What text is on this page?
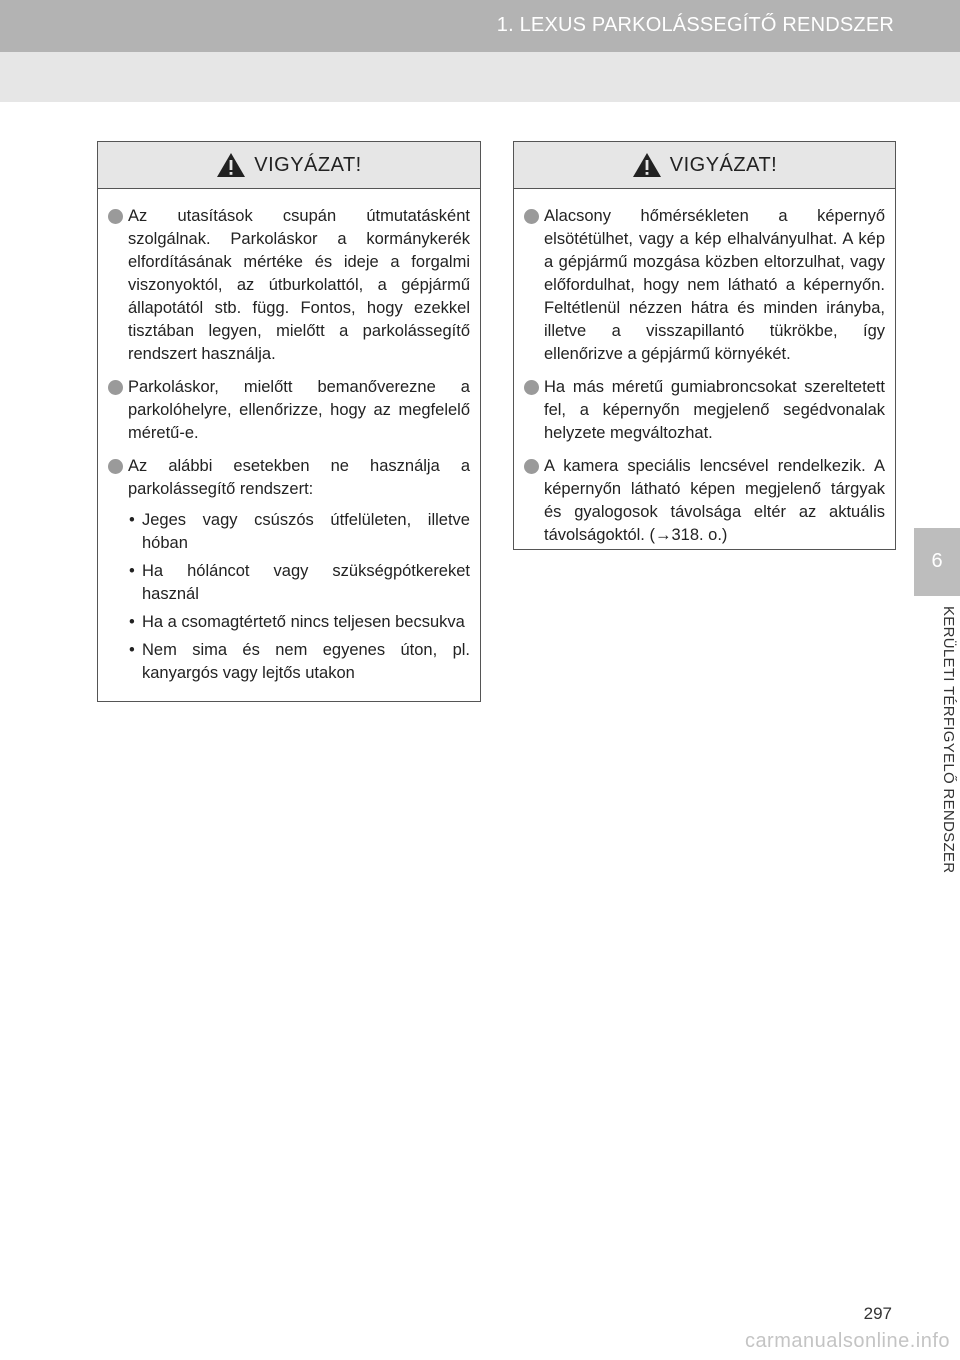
1. LEXUS PARKOLÁSSEGÍTŐ RENDSZER
6
KERÜLETI TÉRFIGYELŐ RENDSZER
VIGYÁZAT!
Az utasítások csupán útmutatásként szolgálnak. Parkoláskor a kormánykerék elfordításának mértéke és ideje a forgalmi viszonyoktól, az útburkolattól, a gépjármű állapotától stb. függ. Fontos, hogy ezekkel tisztában legyen, mielőtt a parkolássegítő rendszert használja.
Parkoláskor, mielőtt bemanőverezne a parkolóhelyre, ellenőrizze, hogy az megfelelő méretű-e.
Az alábbi esetekben ne használja a parkolássegítő rendszert:
• Jeges vagy csúszós útfelületen, illetve hóban
• Ha hóláncot vagy szükségpótkereket használ
• Ha a csomagtértető nincs teljesen becsukva
• Nem sima és nem egyenes úton, pl. kanyargós vagy lejtős utakon
VIGYÁZAT!
Alacsony hőmérsékleten a képernyő elsötétülhet, vagy a kép elhalványulhat. A kép a gépjármű mozgása közben eltorzulhat, vagy előfordulhat, hogy nem látható a képernyőn. Feltétlenül nézzen hátra és minden irányba, illetve a visszapillantó tükrökbe, így ellenőrizve a gépjármű környékét.
Ha más méretű gumiabroncsokat szereltetett fel, a képernyőn megjelenő segédvonalak helyzete megváltozhat.
A kamera speciális lencsével rendelkezik. A képernyőn látható képen megjelenő tárgyak és gyalogosok távolsága eltér az aktuális távolságoktól. (→318. o.)
297
carmanualsonline.info
